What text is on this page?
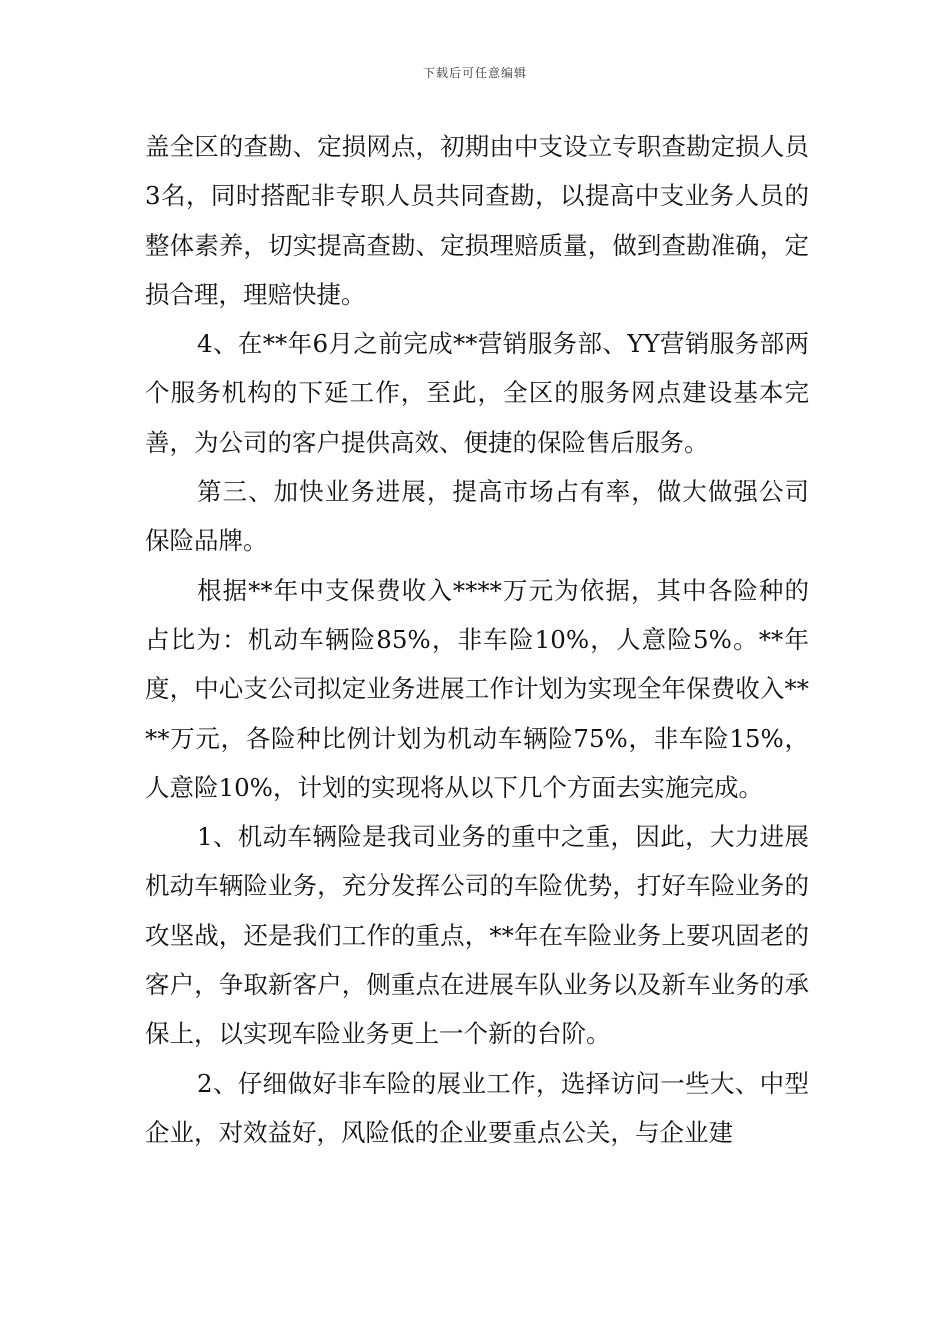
下载后可任意编辑

盖全区的查勘、定损网点，初期由中支设立专职查勘定损人员3名，同时搭配非专职人员共同查勘，以提高中支业务人员的整体素养，切实提高查勘、定损理赔质量，做到查勘准确，定损合理，理赔快捷。

4、在**年6月之前完成**营销服务部、YY营销服务部两个服务机构的下延工作，至此，全区的服务网点建设基本完善，为公司的客户提供高效、便捷的保险售后服务。

第三、加快业务进展，提高市场占有率，做大做强公司保险品牌。

根据**年中支保费收入****万元为依据，其中各险种的占比为：机动车辆险85%，非车险10%，人意险5%。**年度，中心支公司拟定业务进展工作计划为实现全年保费收入****万元，各险种比例计划为机动车辆险75%，非车险15%，人意险10%，计划的实现将从以下几个方面去实施完成。

1、机动车辆险是我司业务的重中之重，因此，大力进展机动车辆险业务，充分发挥公司的车险优势，打好车险业务的攻坚战，还是我们工作的重点，**年在车险业务上要巩固老的客户，争取新客户，侧重点在进展车队业务以及新车业务的承保上，以实现车险业务更上一个新的台阶。

2、仔细做好非车险的展业工作，选择访问一些大、中型企业，对效益好，风险低的企业要重点公关，与企业建
